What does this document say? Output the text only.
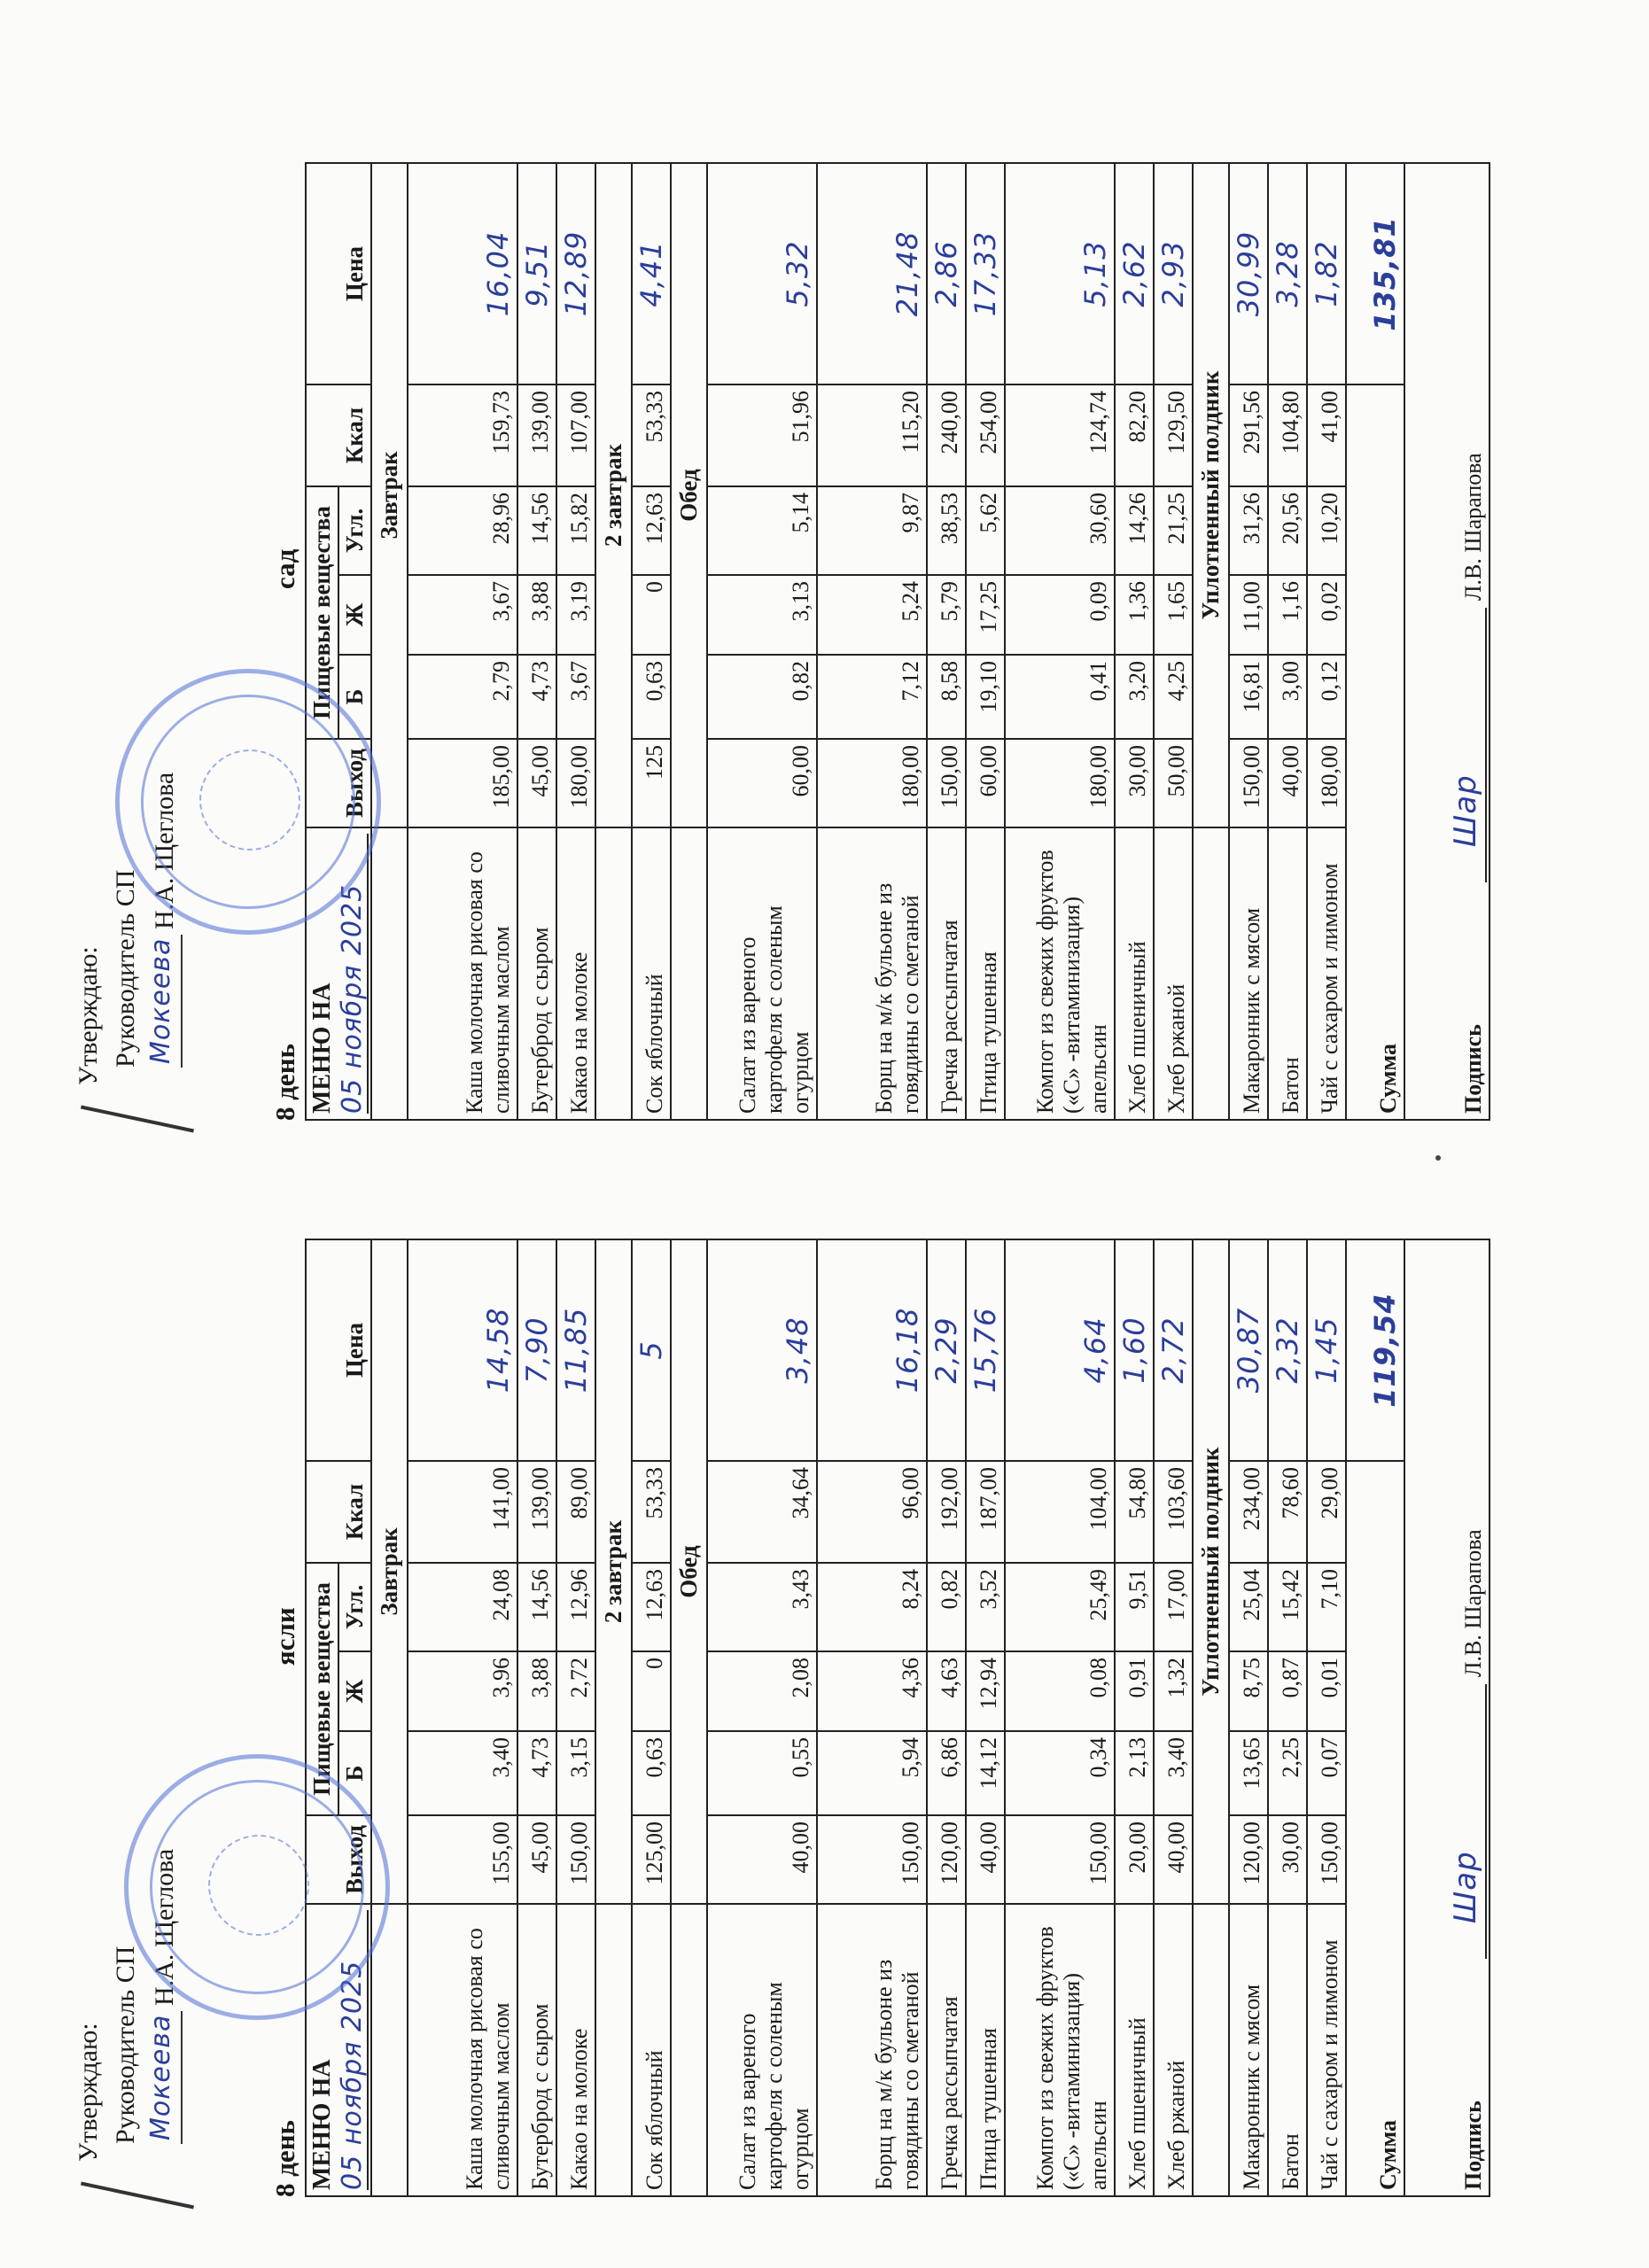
Утверждаю: Руководитель СП Мокеева
Н.А. Щеглова
8 день
ясли
МЕНЮ НА 05 ноября 2025	Выход	Пищевые вещества			Ккал	Цена
		Б	Ж	Угл.		
	Завтрак					
Каша молочная рисовая со сливочным маслом	155,00	3,40	3,96	24,08	141,00	14,58
Бутерброд с сыром	45,00	4,73	3,88	14,56	139,00	7,90
Какао на молоке	150,00	3,15	2,72	12,96	89,00	11,85
	2 завтрак					
Сок яблочный	125,00	0,63	0	12,63	53,33	5
	Обед					
Салат из вареного картофеля с соленым огурцом	40,00	0,55	2,08	3,43	34,64	3,48
Борщ на м/к бульоне из говядины со сметаной	150,00	5,94	4,36	8,24	96,00	16,18
Гречка рассыпчатая	120,00	6,86	4,63	0,82	192,00	2,29
Птица тушенная	40,00	14,12	12,94	3,52	187,00	15,76
Компот из свежих фруктов («С» -витаминизация) апельсин	150,00	0,34	0,08	25,49	104,00	4,64
Хлеб пшеничный	20,00	2,13	0,91	9,51	54,80	1,60
Хлеб ржаной	40,00	3,40	1,32	17,00	103,60	2,72
	Уплотненный полдник					
Макаронник с мясом	120,00	13,65	8,75	25,04	234,00	30,87
Батон	30,00	2,25	0,87	15,42	78,60	2,32
Чай с сахаром и лимоном	150,00	0,07	0,01	7,10	29,00	1,45
Сумма						119,54
Подпись
Шар
Л.В. Шарапова						
Утверждаю: Руководитель СП Мокеева
Н.А. Щеглова
8 день
сад
МЕНЮ НА 05 ноября 2025	Выход	Пищевые вещества			Ккал	Цена
		Б	Ж	Угл.		
	Завтрак					
Каша молочная рисовая со сливочным маслом	185,00	2,79	3,67	28,96	159,73	16,04
Бутерброд с сыром	45,00	4,73	3,88	14,56	139,00	9,51
Какао на молоке	180,00	3,67	3,19	15,82	107,00	12,89
	2 завтрак					
Сок яблочный	125	0,63	0	12,63	53,33	4,41
	Обед					
Салат из вареного картофеля с соленым огурцом	60,00	0,82	3,13	5,14	51,96	5,32
Борщ на м/к бульоне из говядины со сметаной	180,00	7,12	5,24	9,87	115,20	21,48
Гречка рассыпчатая	150,00	8,58	5,79	38,53	240,00	2,86
Птица тушенная	60,00	19,10	17,25	5,62	254,00	17,33
Компот из свежих фруктов («С» -витаминизация) апельсин	180,00	0,41	0,09	30,60	124,74	5,13
Хлеб пшеничный	30,00	3,20	1,36	14,26	82,20	2,62
Хлеб ржаной	50,00	4,25	1,65	21,25	129,50	2,93
	Уплотненный полдник					
Макаронник с мясом	150,00	16,81	11,00	31,26	291,56	30,99
Батон	40,00	3,00	1,16	20,56	104,80	3,28
Чай с сахаром и лимоном	180,00	0,12	0,02	10,20	41,00	1,82
Сумма						135,81
Подпись
Шар
Л.В. Шарапова						
